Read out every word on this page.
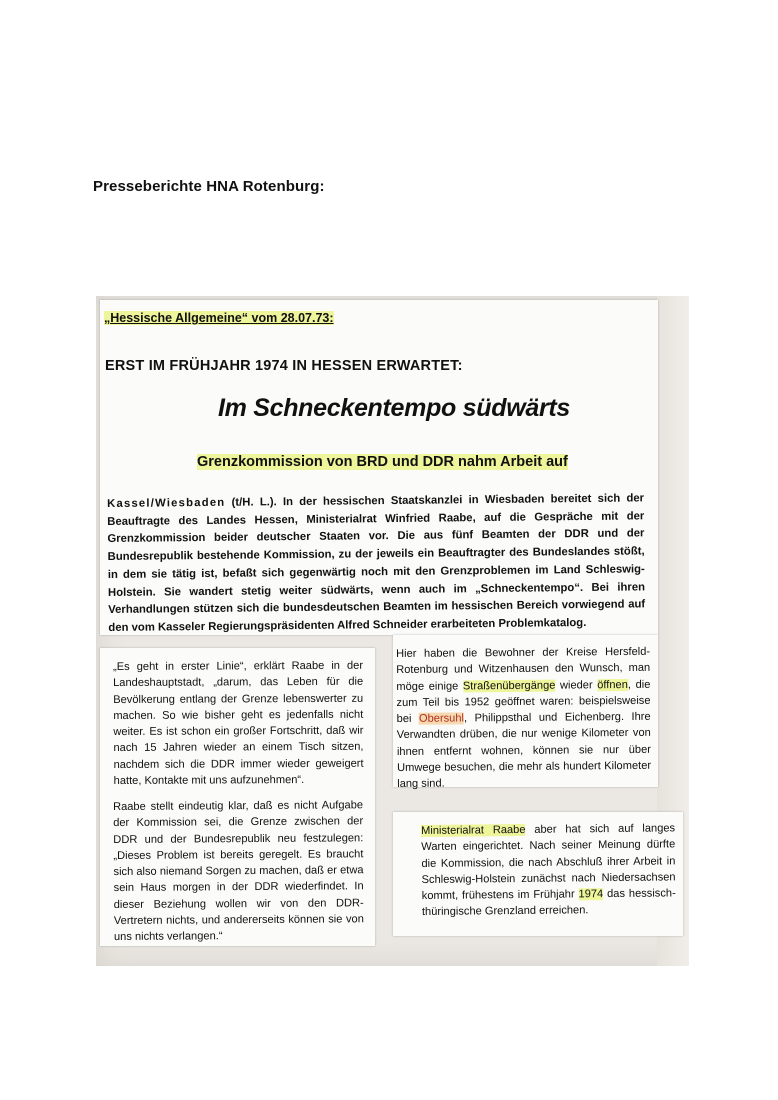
Presseberichte HNA Rotenburg:
„Hessische Allgemeine“ vom 28.07.73:
ERST IM FRÜHJAHR 1974 IN HESSEN ERWARTET:
Im Schneckentempo südwärts
Grenzkommission von BRD und DDR nahm Arbeit auf
Kassel/Wiesbaden (t/H. L.). In der hessischen Staatskanzlei in Wiesbaden bereitet sich der Beauftragte des Landes Hessen, Ministerialrat Winfried Raabe, auf die Gespräche mit der Grenzkommission beider deutscher Staaten vor. Die aus fünf Beamten der DDR und der Bundesrepublik bestehende Kommission, zu der jeweils ein Beauftragter des Bundeslandes stößt, in dem sie tätig ist, befaßt sich gegenwärtig noch mit den Grenzproblemen im Land Schleswig-Holstein. Sie wandert stetig weiter südwärts, wenn auch im „Schneckentempo“. Bei ihren Verhandlungen stützen sich die bundesdeutschen Beamten im hessischen Bereich vorwiegend auf den vom Kasseler Regierungspräsidenten Alfred Schneider erarbeiteten Problemkatalog.
„Es geht in erster Linie“, erklärt Raabe in der Landeshauptstadt, „darum, das Leben für die Bevölkerung entlang der Grenze lebenswerter zu machen. So wie bisher geht es jedenfalls nicht weiter. Es ist schon ein großer Fortschritt, daß wir nach 15 Jahren wieder an einem Tisch sitzen, nachdem sich die DDR immer wieder geweigert hatte, Kontakte mit uns aufzunehmen“.
Raabe stellt eindeutig klar, daß es nicht Aufgabe der Kommission sei, die Grenze zwischen der DDR und der Bundesrepublik neu festzulegen: „Dieses Problem ist bereits geregelt. Es braucht sich also niemand Sorgen zu machen, daß er etwa sein Haus morgen in der DDR wiederfindet. In dieser Beziehung wollen wir von den DDR-Vertretern nichts, und andererseits können sie von uns nichts verlangen.“
Hier haben die Bewohner der Kreise Hersfeld-Rotenburg und Witzenhausen den Wunsch, man möge einige Straßenübergänge wieder öffnen, die zum Teil bis 1952 geöffnet waren: beispielsweise bei Obersuhl, Philippsthal und Eichenberg. Ihre Verwandten drüben, die nur wenige Kilometer von ihnen entfernt wohnen, können sie nur über Umwege besuchen, die mehr als hundert Kilometer lang sind.
Ministerialrat Raabe aber hat sich auf langes Warten eingerichtet. Nach seiner Meinung dürfte die Kommission, die nach Abschluß ihrer Arbeit in Schleswig-Holstein zunächst nach Niedersachsen kommt, frühestens im Frühjahr 1974 das hessisch-thüringische Grenzland erreichen.
